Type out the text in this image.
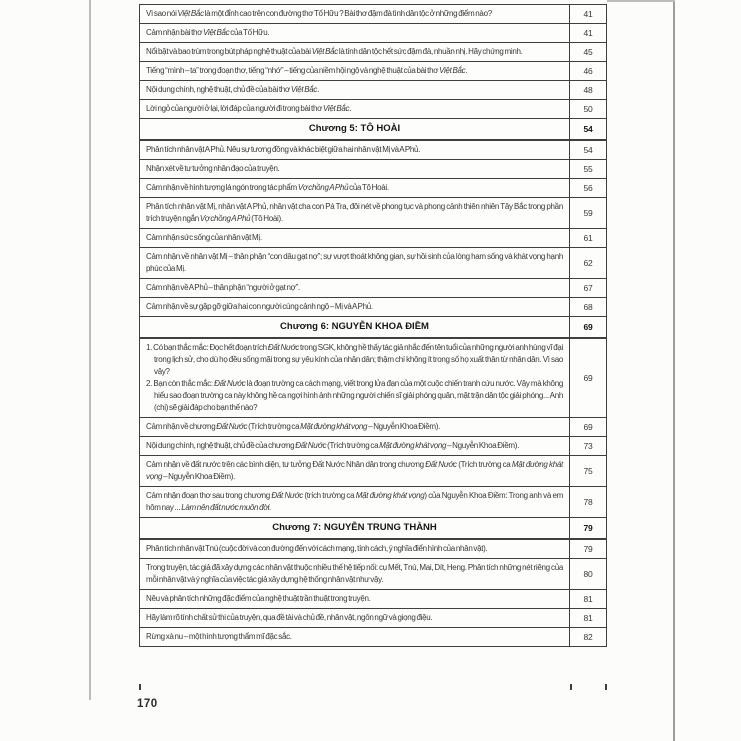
Vì sao nói Việt Bắc là một đỉnh cao trên con đường thơ Tố Hữu ? Bài thơ đậm đà tình dân tộc ở những điểm nào?	41
Cảm nhận bài thơ Việt Bắc của Tố Hữu.	41
Nổi bật và bao trùm trong bút pháp nghệ thuật của bài Việt Bắc là tính dân tộc hết sức đậm đà, nhuần nhị. Hãy chứng minh.	45
Tiếng “mình – ta” trong đoạn thơ, tiếng “nhớ” – tiếng của niềm hội ngộ và nghệ thuật của bài thơ Việt Bắc.	46
Nội dung chính, nghệ thuật, chủ đề của bài thơ Việt Bắc.	48
Lời ngỏ của người ở lại, lời đáp của người đi trong bài thơ Việt Bắc.	50
Chương 5: TÔ HOÀI	54
Phân tích nhân vật A Phủ. Nêu sự tương đồng và khác biệt giữa hai nhân vật Mị và A Phủ.	54
Nhận xét về tư tưởng nhân đạo của truyện.	55
Cảm nhận về hình tượng lá ngón trong tác phẩm Vợ chồng A Phủ của Tô Hoài.	56
Phân tích nhân vật Mị, nhân vật A Phủ, nhân vật cha con Pá Tra, đôi nét về phong tục và phong cảnh thiên nhiên Tây Bắc trong phần trích truyện ngắn Vợ chồng A Phủ (Tô Hoài).
59
Cảm nhận sức sống của nhân vật Mị.	61
Cảm nhận về nhân vật Mị – thân phận “con dâu gạt nợ”; sự vượt thoát không gian, sự hồi sinh của lòng ham sống và khát vọng hạnh phúc của Mị.
62
Cảm nhận về A Phủ – thân phận “người ở gạt nợ”.	67
Cảm nhận về sự gặp gỡ giữa hai con người cùng cảnh ngộ – Mị và A Phủ.	68
Chương 6: NGUYỄN KHOA ĐIỀM	69
1. Có bạn thắc mắc: Đọc hết đoạn trích Đất Nước trong SGK, không hề thấy tác giả nhắc đến tên tuổi của những người anh hùng vĩ đại trong lịch sử, cho dù họ đều sống mãi trong sự yêu kính của nhân dân; thậm chí không ít trong số họ xuất thân từ nhân dân. Vì sao vậy?
2. Bạn còn thắc mắc: Đất Nước là đoạn trường ca cách mạng, viết trong lửa đạn của một cuộc chiến tranh cứu nước. Vậy mà không hiểu sao đoạn trường ca này không hề ca ngợi hình ảnh những người chiến sĩ giải phóng quân, mặt trận dân tộc giải phóng... Anh (chị) sẽ giải đáp cho bạn thế nào?
69
Cảm nhận về chương Đất Nước (Trích trường ca Mặt đường khát vọng – Nguyễn Khoa Điềm).	69
Nội dung chính, nghệ thuật, chủ đề của chương Đất Nước (Trích trường ca Mặt đường khát vọng – Nguyễn Khoa Điềm).	73
Cảm nhận về đất nước trên các bình diện, tư tưởng Đất Nước Nhân dân trong chương Đất Nước (Trích trường ca Mặt đường khát vọng – Nguyễn Khoa Điềm).
75
Cảm nhận đoạn thơ sau trong chương Đất Nước (trích trường ca Mặt đường khát vọng) của Nguyễn Khoa Điềm: Trong anh và em hôm nay ... Làm nên đất nước muôn đời.
78
Chương 7: NGUYỄN TRUNG THÀNH	79
Phân tích nhân vật Tnú (cuộc đời và con đường đến với cách mạng, tính cách, ý nghĩa điển hình của nhân vật).	79
Trong truyện, tác giả đã xây dựng các nhân vật thuộc nhiều thế hệ tiếp nối: cụ Mết, Tnú, Mai, Dít, Heng. Phân tích những nét riêng của mỗi nhân vật và ý nghĩa của việc tác giả xây dựng hệ thống nhân vật như vậy.
80
Nêu và phân tích những đặc điểm của nghệ thuật trần thuật trong truyện.	81
Hãy làm rõ tính chất sử thi của truyện, qua đề tài và chủ đề, nhân vật, ngôn ngữ và giọng điệu.	81
Rừng xà nu – một hình tượng thẩm mĩ đặc sắc.	82
170
